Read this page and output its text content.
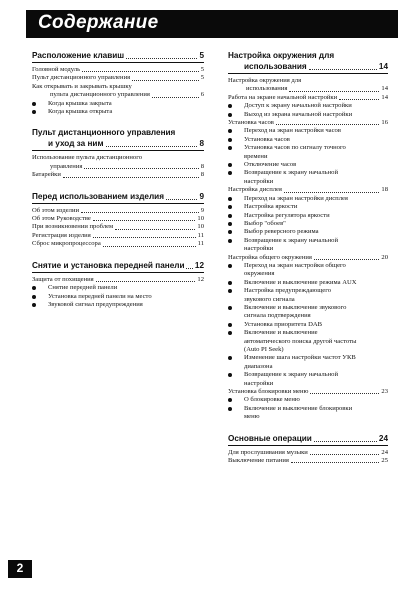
Содержание
Расположение клавиш	5
Головной модуль	5
Пульт дистанционного управления	5
Как открывать и закрывать крышку
пульта дистанционного управления	6
Когда крышка закрыта
Когда крышка открыта
Пульт дистанционного управления
и уход за ним	8
Использование пульта дистанционного
управления	8
Батарейки	8
Перед использованием изделия	9
Об этом изделии	9
Об этом Руководстве	10
При возникновении проблем	10
Регистрация изделия	11
Сброс микропроцессора	11
Снятие и установка передней панели 12
Защита от похищения	12
Снятие передней панели
Установка передней панели на место
Звуковой сигнал предупреждения
Настройка окружения для
использования	14
Настройка окружения для
использования	14
Работа на экране начальной настройки	14
Доступ к экрану начальной настройки
Выход из экрана начальной настройки
Установка часов	16
Переход на экран настройки часов
Установка часов
Установка часов по сигналу точного
времени
Отключение часов
Возвращение к экрану начальной
настройки
Настройка дисплея	18
Переход на экран настройки дисплея
Настройка яркости
Настройка регулятора яркости
Выбор "обоев"
Выбор реверсного режима
Возвращение к экрану начальной
настройки
Настройка общего окружения	20
Переход на экран настройки общего
окружения
Включение и выключение режима AUX
Настройка предупреждающего
звукового сигнала
Включение и выключение звукового
сигнала подтверждения
Установка приоритета DAB
Включение и выключение
автоматического поиска другой частоты
(Auto PI Seek)
Изменение шага настройки частот УКВ
диапазона
Возвращение к экрану начальной
настройки
Установка блокировки меню	23
О блокировке меню
Включение и выключение блокировки
меню
Основные операции	24
Для прослушивания музыки	24
Выключение питания	25
2
